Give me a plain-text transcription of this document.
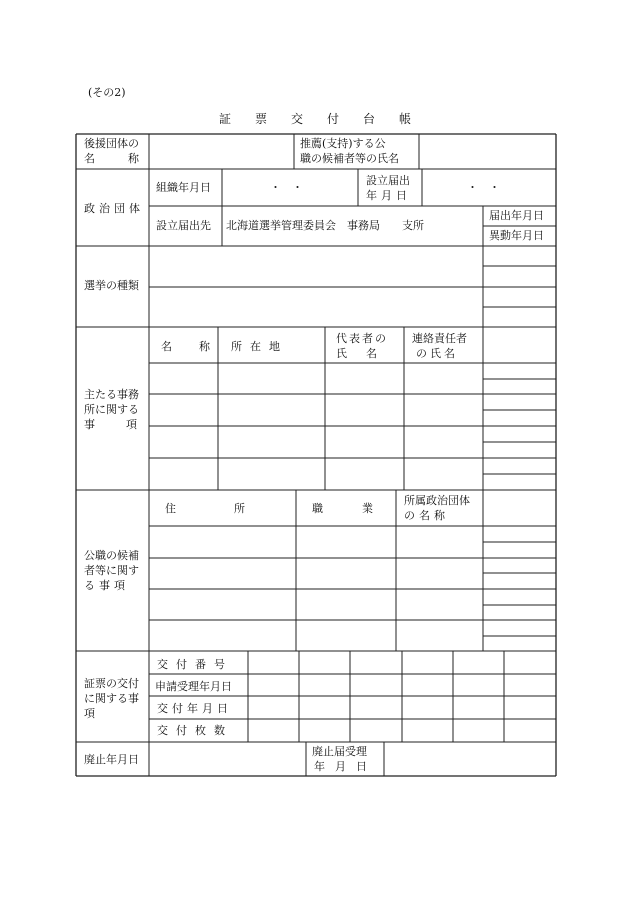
(その2)
証票交付台帳
後援団体の
名　　　称
推薦(支持)する公
職の候補者等の氏名
政治団体
組織年月日	・　・
設立届出
年月日
・　・
設立届出先 北海道選挙管理委員会　事務局　　支所
届出年月日
異動年月日
選挙の種類
主たる事務
所に関する
事　　項
名　称 所在地
代表者の
氏　名
連絡責任者
の氏名
公職の候補
者等に関す
る事項
住　　所	職　業
所属政治団体
の名称
証票の交付
に関する事
項
交付番号
申請受理年月日
交付年月日
交付枚数
廃止年月日
廃止届受理
年月日
